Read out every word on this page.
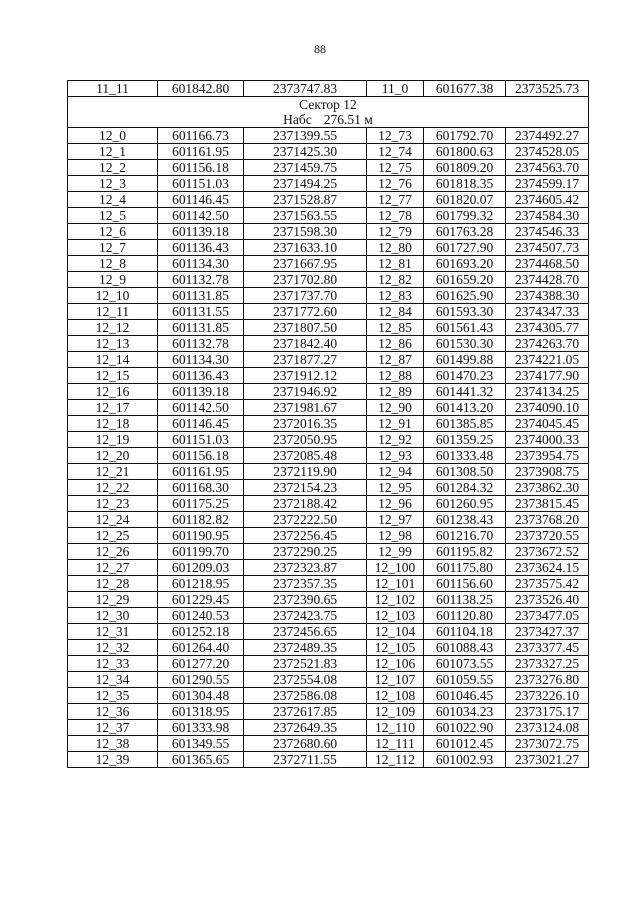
88
11_11	601842.80	2373747.83	11_0	601677.38	2373525.73

Сектор 12
Набс 276.51 м					

12_0	601166.73	2371399.55	12_73	601792.70	2374492.27
12_1	601161.95	2371425.30	12_74	601800.63	2374528.05
12_2	601156.18	2371459.75	12_75	601809.20	2374563.70
12_3	601151.03	2371494.25	12_76	601818.35	2374599.17
12_4	601146.45	2371528.87	12_77	601820.07	2374605.42
12_5	601142.50	2371563.55	12_78	601799.32	2374584.30
12_6	601139.18	2371598.30	12_79	601763.28	2374546.33
12_7	601136.43	2371633.10	12_80	601727.90	2374507.73
12_8	601134.30	2371667.95	12_81	601693.20	2374468.50
12_9	601132.78	2371702.80	12_82	601659.20	2374428.70
12_10	601131.85	2371737.70	12_83	601625.90	2374388.30
12_11	601131.55	2371772.60	12_84	601593.30	2374347.33
12_12	601131.85	2371807.50	12_85	601561.43	2374305.77
12_13	601132.78	2371842.40	12_86	601530.30	2374263.70
12_14	601134.30	2371877.27	12_87	601499.88	2374221.05
12_15	601136.43	2371912.12	12_88	601470.23	2374177.90
12_16	601139.18	2371946.92	12_89	601441.32	2374134.25
12_17	601142.50	2371981.67	12_90	601413.20	2374090.10
12_18	601146.45	2372016.35	12_91	601385.85	2374045.45
12_19	601151.03	2372050.95	12_92	601359.25	2374000.33
12_20	601156.18	2372085.48	12_93	601333.48	2373954.75
12_21	601161.95	2372119.90	12_94	601308.50	2373908.75
12_22	601168.30	2372154.23	12_95	601284.32	2373862.30
12_23	601175.25	2372188.42	12_96	601260.95	2373815.45
12_24	601182.82	2372222.50	12_97	601238.43	2373768.20
12_25	601190.95	2372256.45	12_98	601216.70	2373720.55
12_26	601199.70	2372290.25	12_99	601195.82	2373672.52
12_27	601209.03	2372323.87	12_100	601175.80	2373624.15
12_28	601218.95	2372357.35	12_101	601156.60	2373575.42
12_29	601229.45	2372390.65	12_102	601138.25	2373526.40
12_30	601240.53	2372423.75	12_103	601120.80	2373477.05
12_31	601252.18	2372456.65	12_104	601104.18	2373427.37
12_32	601264.40	2372489.35	12_105	601088.43	2373377.45
12_33	601277.20	2372521.83	12_106	601073.55	2373327.25
12_34	601290.55	2372554.08	12_107	601059.55	2373276.80
12_35	601304.48	2372586.08	12_108	601046.45	2373226.10
12_36	601318.95	2372617.85	12_109	601034.23	2373175.17
12_37	601333.98	2372649.35	12_110	601022.90	2373124.08
12_38	601349.55	2372680.60	12_111	601012.45	2373072.75
12_39	601365.65	2372711.55	12_112	601002.93	2373021.27
